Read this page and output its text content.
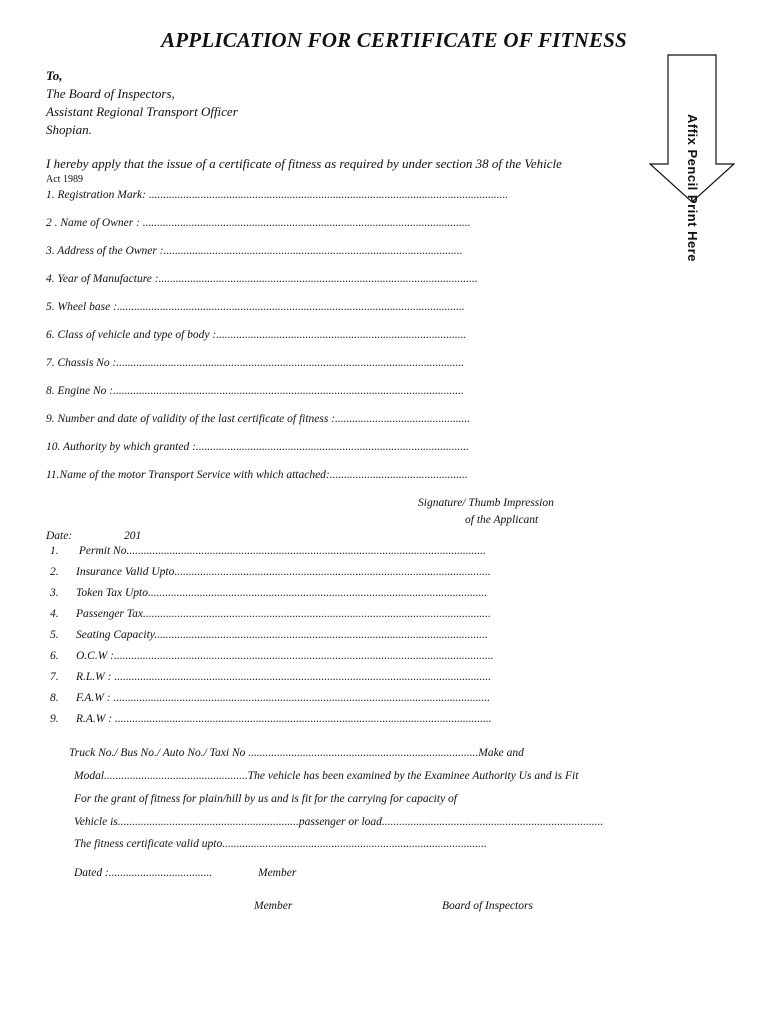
APPLICATION FOR CERTIFICATE OF FITNESS
To,
The Board of Inspectors,
Assistant Regional Transport Officer
Shopian.	Affix Pencil Print Here
I hereby apply that the issue of a certificate of fitness as required by under section 38 of the Vehicle
Act 1989
1. Registration Mark: .............................................................................................................................
2 . Name of Owner : ..................................................................................................................
3. Address of the Owner :........................................................................................................
4. Year of Manufacture :...............................................................................................................
5. Wheel base :.........................................................................................................................
6. Class of vehicle and type of body :.......................................................................................
7. Chassis No :.........................................................................................................................
8. Engine No :..........................................................................................................................
9. Number and date of validity of the last certificate of fitness :...............................................
10. Authority by which granted :...............................................................................................
11.Name of the motor Transport Service with which attached:................................................
Signature/ Thumb Impression
of the Applicant
Date:	201
1. Permit No.............................................................................................................................
2. Insurance Valid Upto..............................................................................................................
3. Token Tax Upto......................................................................................................................
4. Passenger Tax.........................................................................................................................
5. Seating Capacity....................................................................................................................
6. O.C.W :....................................................................................................................................
7. R.L.W : ...................................................................................................................................
8. F.A.W : ...................................................................................................................................
9. R.A.W : ...................................................................................................................................
Truck No./ Bus No./ Auto No./ Taxi No ................................................................................Make and
Modal..................................................The vehicle has been examined by the Examinee Authority Us and is Fit
For the grant of fitness for plain/hill by us and is fit for the carrying for capacity of
Vehicle is...............................................................passenger or load.............................................................................
The fitness certificate valid upto............................................................................................
Dated :....................................	Member
Member	Board of Inspectors
